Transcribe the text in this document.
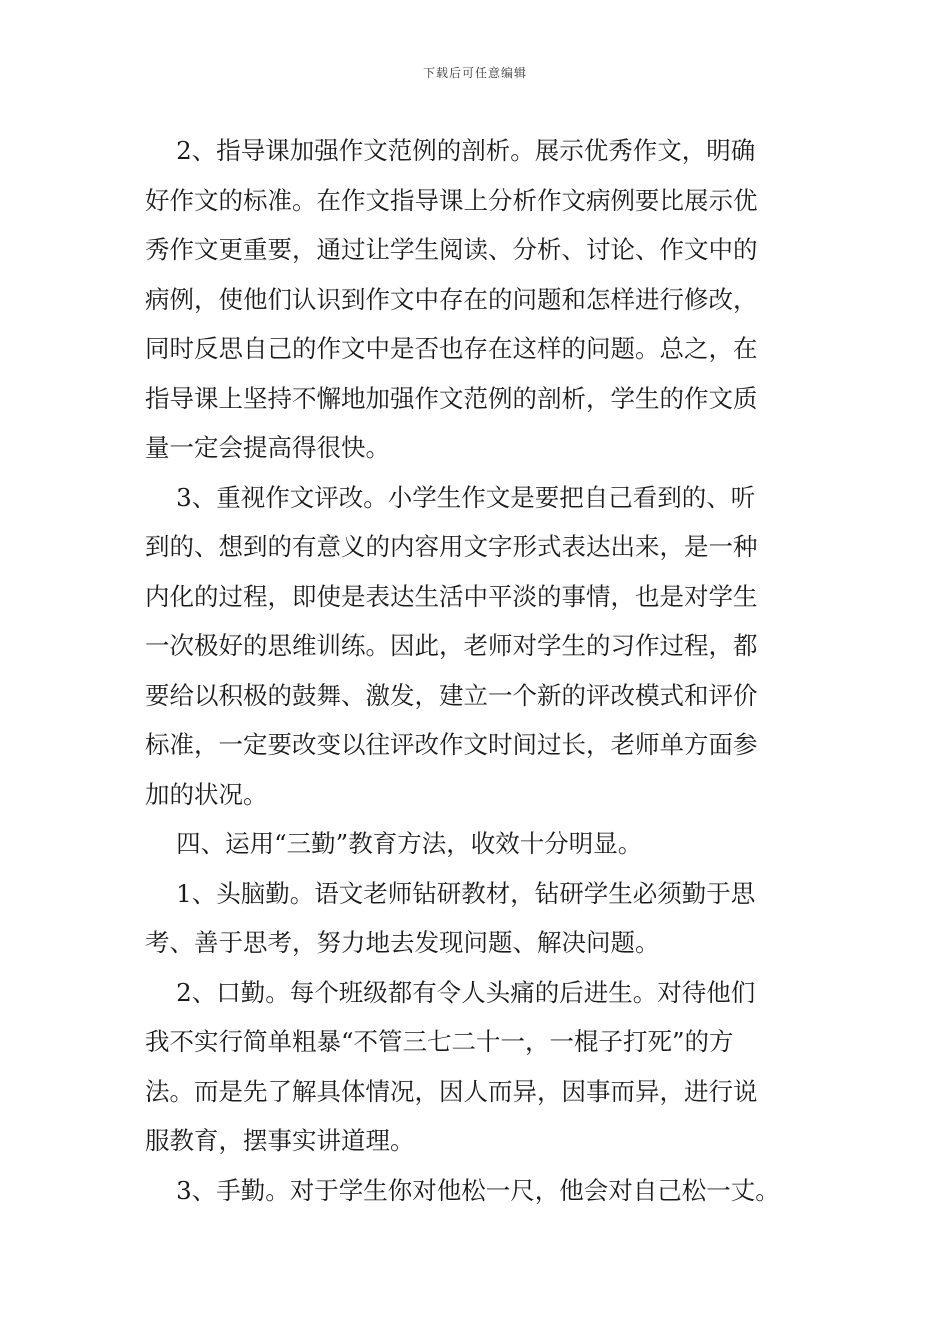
下载后可任意编辑
2、指导课加强作文范例的剖析。展示优秀作文，明确
好作文的标准。在作文指导课上分析作文病例要比展示优
秀作文更重要，通过让学生阅读、分析、讨论、作文中的
病例，使他们认识到作文中存在的问题和怎样进行修改，
同时反思自己的作文中是否也存在这样的问题。总之，在
指导课上坚持不懈地加强作文范例的剖析，学生的作文质
量一定会提高得很快。
3、重视作文评改。小学生作文是要把自己看到的、听
到的、想到的有意义的内容用文字形式表达出来，是一种
内化的过程，即使是表达生活中平淡的事情，也是对学生
一次极好的思维训练。因此，老师对学生的习作过程，都
要给以积极的鼓舞、激发，建立一个新的评改模式和评价
标准，一定要改变以往评改作文时间过长，老师单方面参
加的状况。
四、运用“三勤”教育方法，收效十分明显。
1、头脑勤。语文老师钻研教材，钻研学生必须勤于思
考、善于思考，努力地去发现问题、解决问题。
2、口勤。每个班级都有令人头痛的后进生。对待他们
我不实行简单粗暴“不管三七二十一，一棍子打死”的方
法。而是先了解具体情况，因人而异，因事而异，进行说
服教育，摆事实讲道理。
3、手勤。对于学生你对他松一尺，他会对自己松一丈。
